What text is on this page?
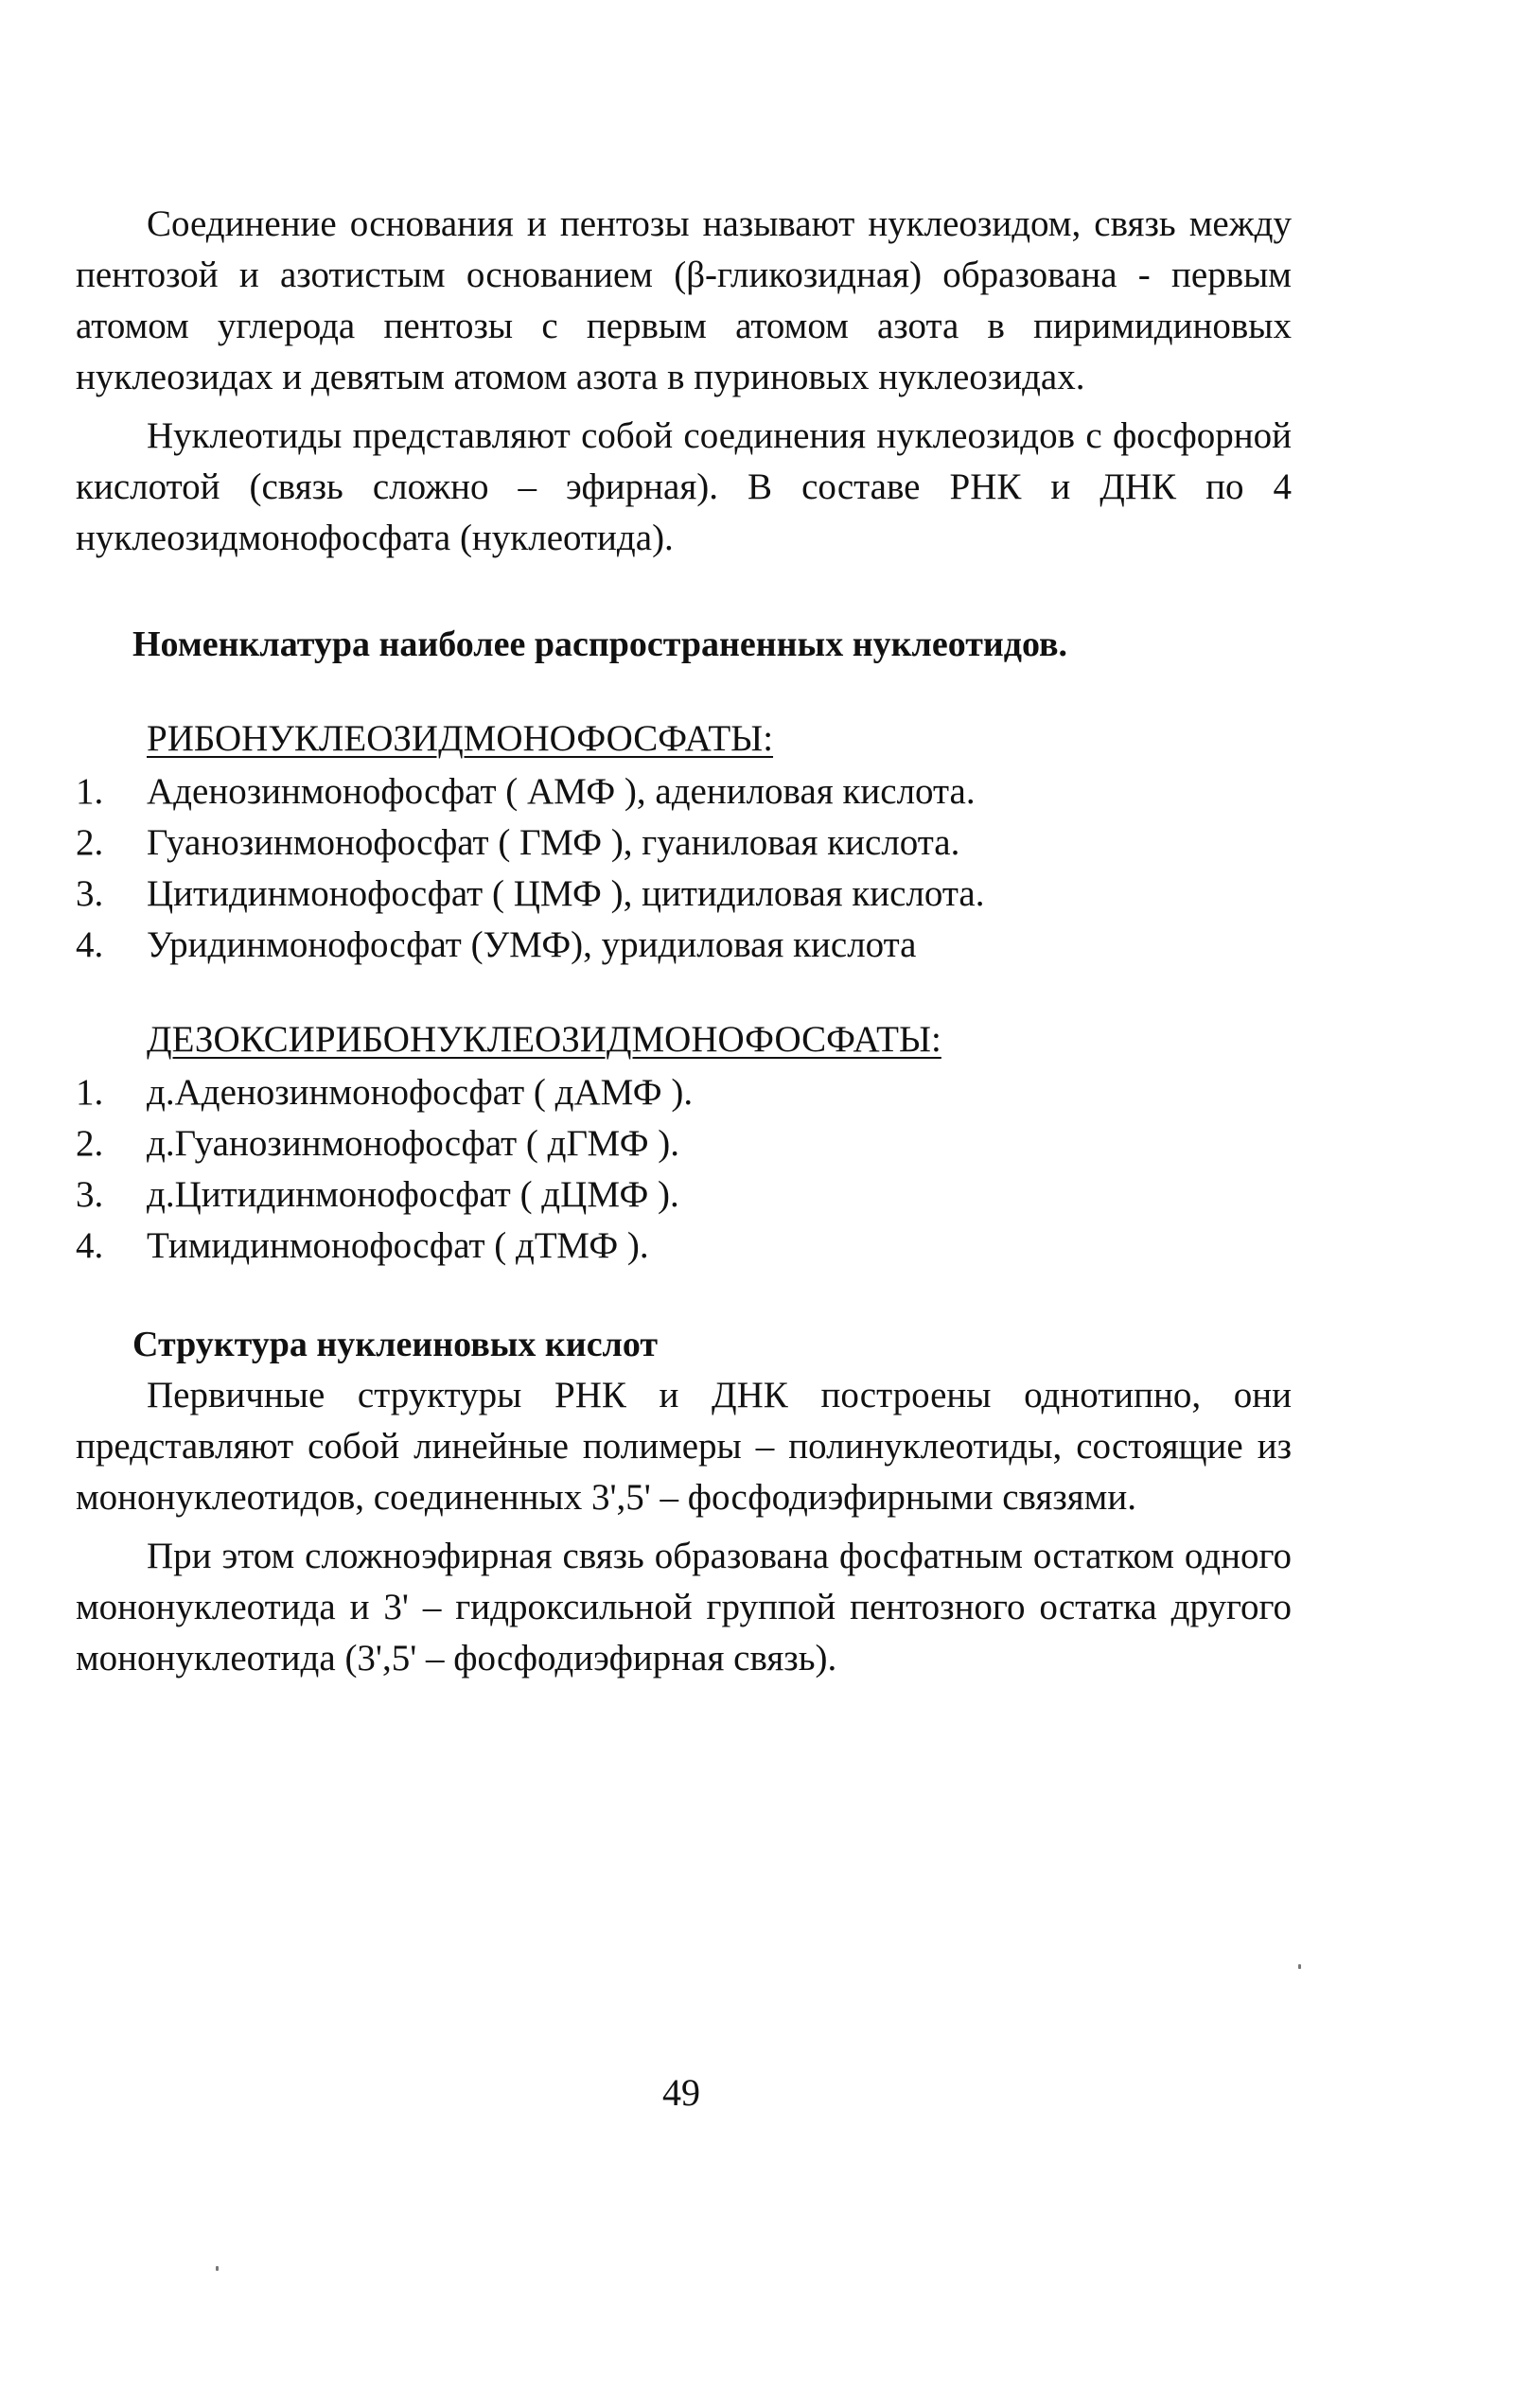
Соединение основания и пентозы называют нуклеозидом, связь между пентозой и азотистым основанием (β-гликозидная) образована - первым атомом углерода пентозы с первым атомом азота в пиримидиновых нуклеозидах и девятым атомом азота в пуриновых нуклеозидах.

Нуклеотиды представляют собой соединения нуклеозидов с фосфорной кислотой (связь сложно – эфирная). В составе РНК и ДНК по 4 нуклеозидмонофосфата (нуклеотида).

Номенклатура наиболее распространенных нуклеотидов.

РИБОНУКЛЕОЗИДМОНОФОСФАТЫ:

1.	Аденозинмонофосфат ( АМФ ), адениловая кислота.
2.	Гуанозинмонофосфат ( ГМФ ), гуаниловая кислота.
3.	Цитидинмонофосфат ( ЦМФ ), цитидиловая кислота.
4.	Уридинмонофосфат (УМФ), уридиловая кислота

ДЕЗОКСИРИБОНУКЛЕОЗИДМОНОФОСФАТЫ:

1.	д.Аденозинмонофосфат ( дАМФ ).
2.	д.Гуанозинмонофосфат ( дГМФ ).
3.	д.Цитидинмонофосфат ( дЦМФ ).
4.	Тимидинмонофосфат ( дТМФ ).

Структура нуклеиновых кислот

Первичные структуры РНК и ДНК построены однотипно, они представляют собой линейные полимеры – полинуклеотиды, состоящие из мононуклеотидов, соединенных 3',5' – фосфодиэфирными связями.

При этом сложноэфирная связь образована фосфатным остатком одного мононуклеотида и 3' – гидроксильной группой пентозного остатка другого мононуклеотида (3',5' – фосфодиэфирная связь).

49
